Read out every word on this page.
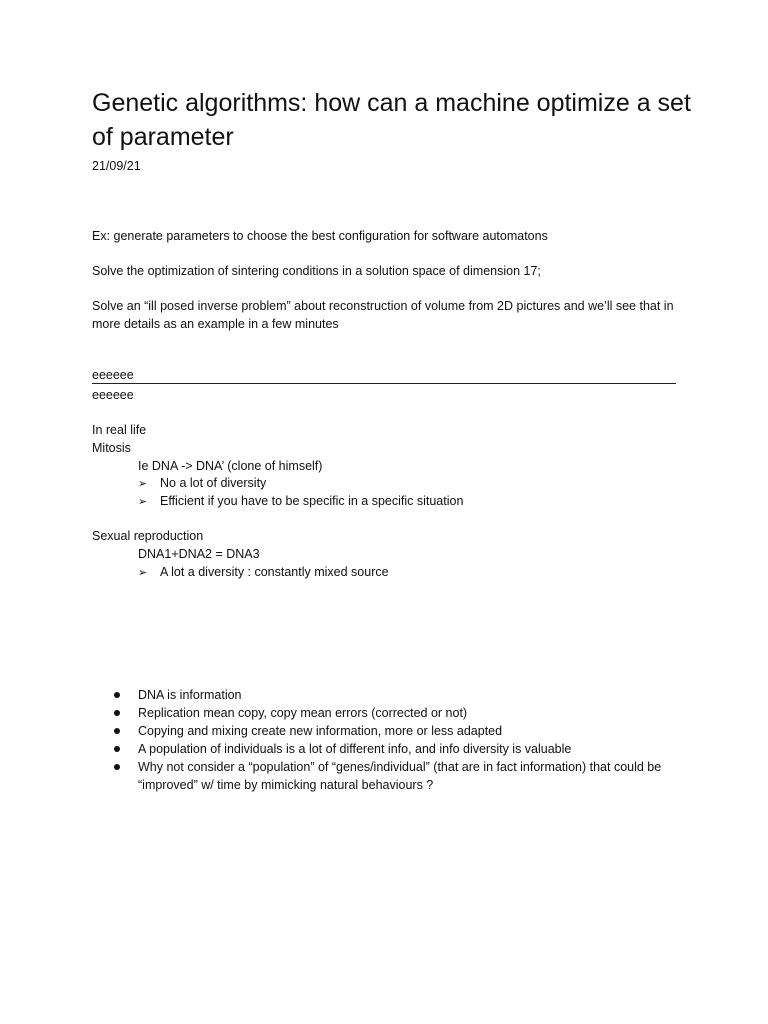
Genetic algorithms: how can a machine optimize a set of parameter
21/09/21
Ex: generate parameters to choose the best configuration for software automatons
Solve the optimization of sintering conditions in a solution space of dimension 17;
Solve an “ill posed inverse problem” about reconstruction of volume from 2D pictures and we’ll see that in more details as an example in a few minutes
eeeeee
eeeeee
In real life
Mitosis
Ie DNA -> DNA’ (clone of himself)
➢ No a lot of diversity
➢ Efficient if you have to be specific in a specific situation
Sexual reproduction
DNA1+DNA2 = DNA3
➢ A lot a diversity : constantly mixed source
DNA is information
Replication mean copy, copy mean errors (corrected or not)
Copying and mixing create new information, more or less adapted
A population of individuals is a lot of different info, and info diversity is valuable
Why not consider a “population” of “genes/individual” (that are in fact information) that could be “improved” w/ time by mimicking natural behaviours ?
